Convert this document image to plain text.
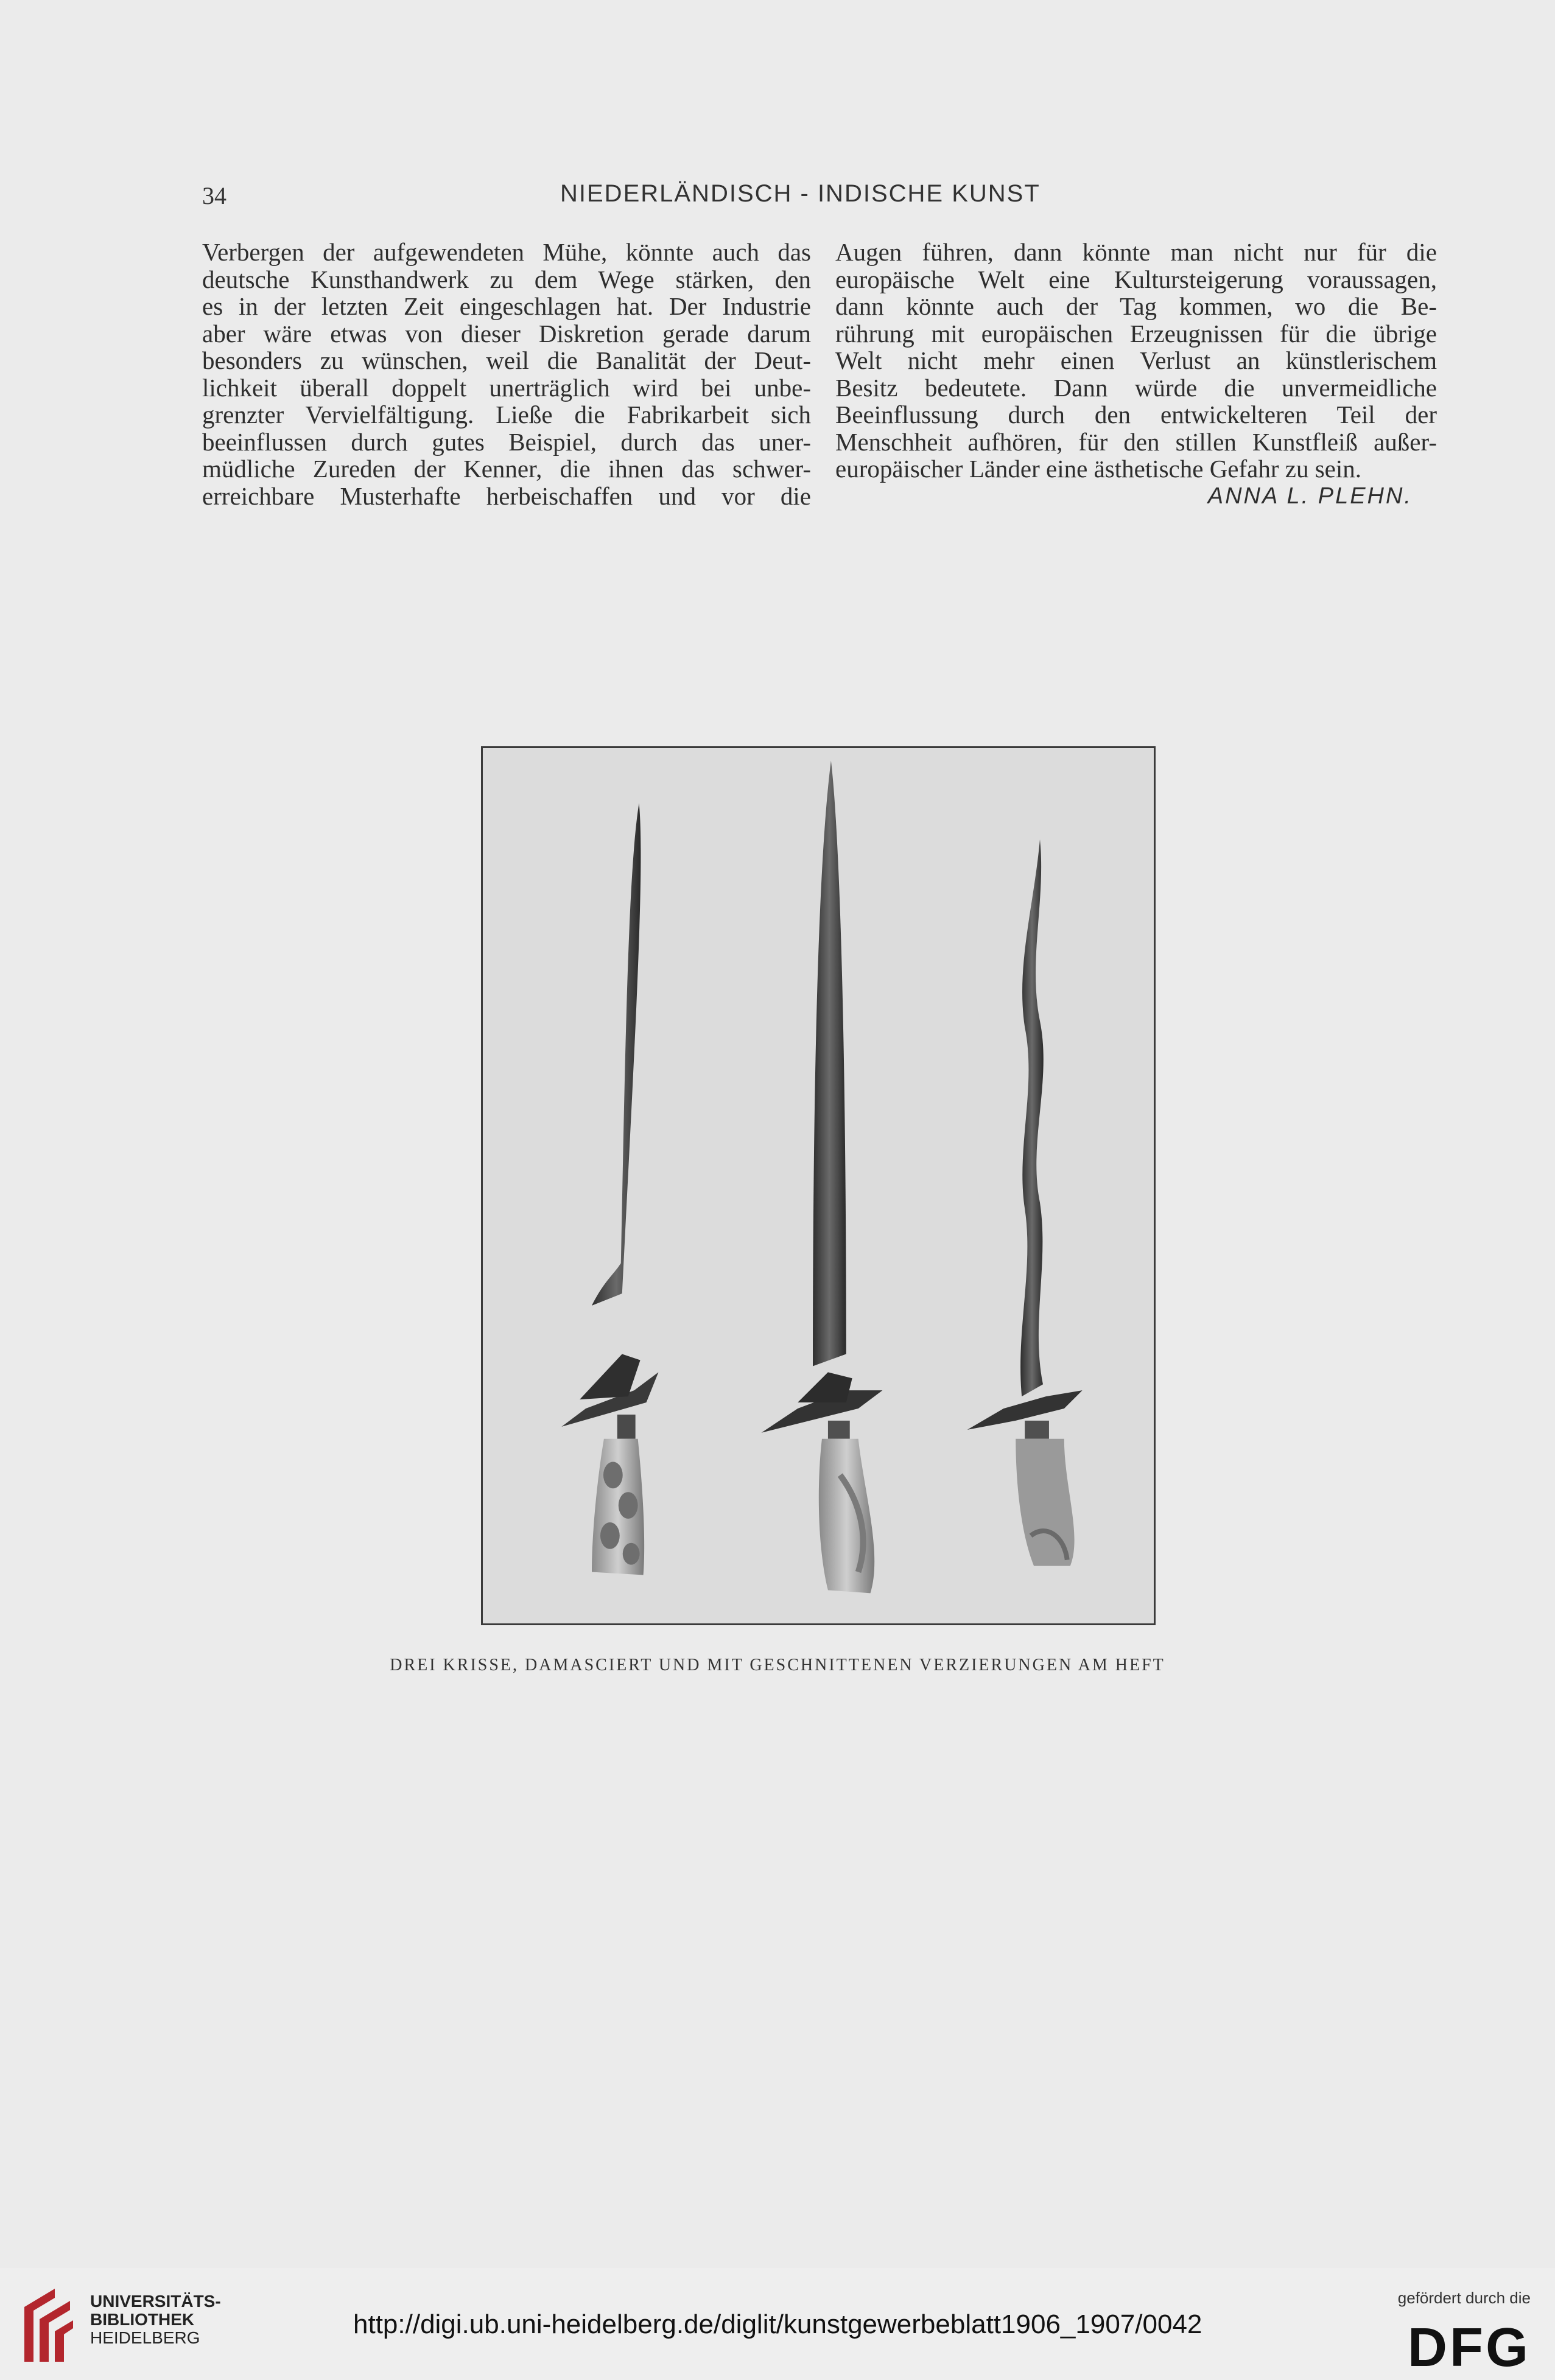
34	NIEDERLÄNDISCH - INDISCHE KUNST
Verbergen der aufgewendeten Mühe, könnte auch das
deutsche Kunsthandwerk zu dem Wege stärken, den
es in der letzten Zeit eingeschlagen hat. Der Industrie
aber wäre etwas von dieser Diskretion gerade darum
besonders zu wünschen, weil die Banalität der Deut-
lichkeit überall doppelt unerträglich wird bei unbe-
grenzter Vervielfältigung. Ließe die Fabrikarbeit sich
beeinflussen durch gutes Beispiel, durch das uner-
müdliche Zureden der Kenner, die ihnen das schwer-
erreichbare Musterhafte herbeischaffen und vor die
Augen führen, dann könnte man nicht nur für die
europäische Welt eine Kultursteigerung voraussagen,
dann könnte auch der Tag kommen, wo die Be-
rührung mit europäischen Erzeugnissen für die übrige
Welt nicht mehr einen Verlust an künstlerischem
Besitz bedeutete. Dann würde die unvermeidliche
Beeinflussung durch den entwickelteren Teil der
Menschheit aufhören, für den stillen Kunstfleiß außer-
europäischer Länder eine ästhetische Gefahr zu sein.
ANNA L. PLEHN.
DREI KRISSE, DAMASCIERT UND MIT GESCHNITTENEN VERZIERUNGEN AM HEFT
UNIVERSITÄTS-
BIBLIOTHEK
HEIDELBERG	http://digi.ub.uni-heidelberg.de/diglit/kunstgewerbeblatt1906_1907/0042
gefördert durch die
DFG
